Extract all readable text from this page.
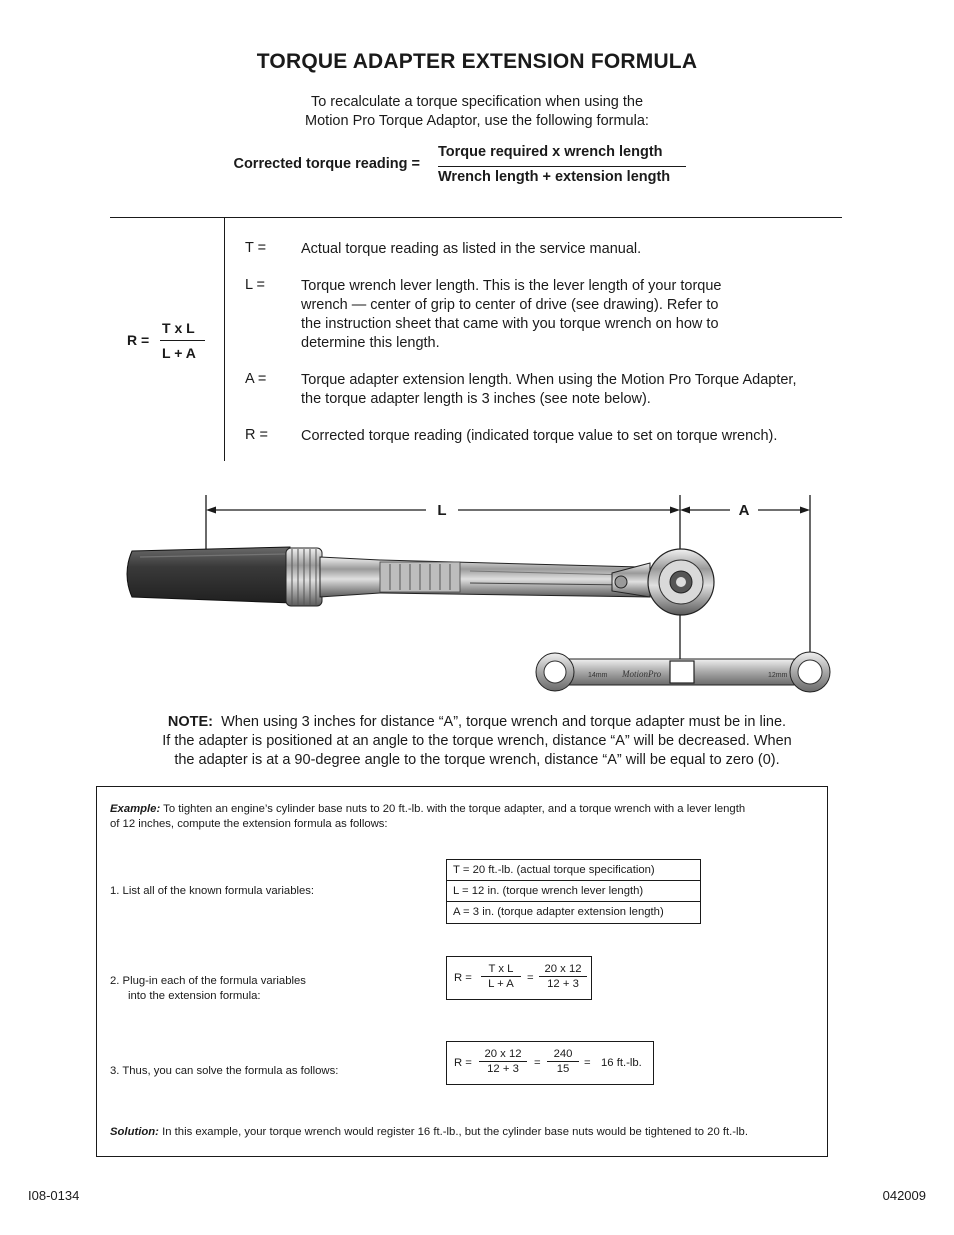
TORQUE ADAPTER EXTENSION FORMULA
To recalculate a torque specification when using the
Motion Pro Torque Adaptor, use the following formula:
Corrected torque reading =
Torque required x wrench length
Wrench length + extension length
R =
T x L
L + A
T = Actual torque reading as listed in the service manual.
L = Torque wrench lever length. This is the lever length of your torque
wrench — center of grip to center of drive (see drawing). Refer to
the instruction sheet that came with you torque wrench on how to
determine this length.
A = Torque adapter extension length. When using the Motion Pro Torque Adapter,
the torque adapter length is 3 inches (see note below).
R = Corrected torque reading (indicated torque value to set on torque wrench).
L	A
14mm	12mm
MotionPro
NOTE: When using 3 inches for distance “A”, torque wrench and torque adapter must be in line.
If the adapter is positioned at an angle to the torque wrench, distance “A” will be decreased. When
the adapter is at a 90-degree angle to the torque wrench, distance “A” will be equal to zero (0).
Example: To tighten an engine’s cylinder base nuts to 20 ft.-lb. with the torque adapter, and a torque wrench with a lever length
of 12 inches, compute the extension formula as follows:
1. List all of the known formula variables:
T = 20 ft.-lb. (actual torque specification)
L = 12 in. (torque wrench lever length)
A = 3 in. (torque adapter extension length)
2. Plug-in each of the formula variables
into the extension formula:
$R = \frac{\text{T x L}}{L + A} = \frac{20 x 12}{12 + 3}$
3. Thus, you can solve the formula as follows:
$R = \frac{20 x 12}{12 + 3} = \frac{240}{15} = 16$ ft.-lb.
Solution: In this example, your torque wrench would register 16 ft.-lb., but the cylinder base nuts would be tightened to 20 ft.-lb.
I08-0134	042009
